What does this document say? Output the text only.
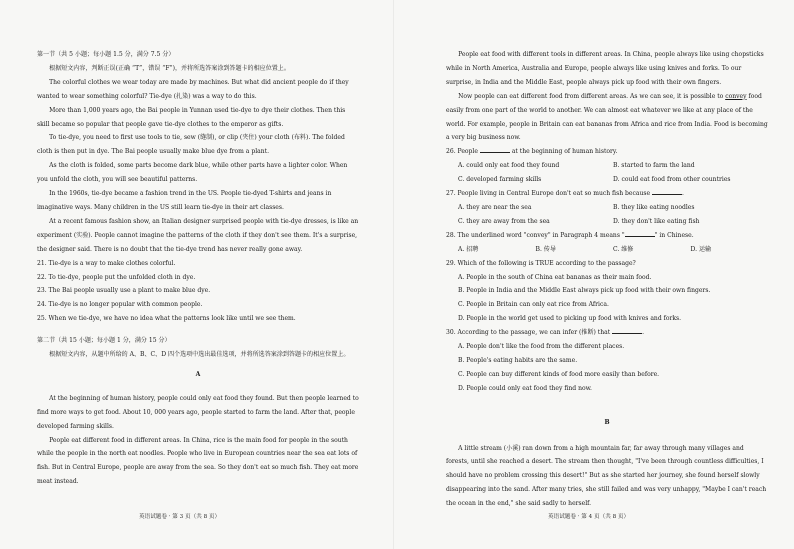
第一节（共 5 小题；每小题 1.5 分，满分 7.5 分）

根据短文内容，判断正误(正确 “T”，错误 “F”)，并将所选答案涂到答题卡的相应位置上。

The colorful clothes we wear today are made by machines. But what did ancient people do if they wanted to wear something colorful? Tie-dye (扎染) was a way to do this.

More than 1,000 years ago, the Bai people in Yunnan used tie-dye to dye their clothes. Then this skill became so popular that people gave tie-dye clothes to the emperor as gifts.

To tie-dye, you need to first use tools to tie, sew (缝制), or clip (夹住) your cloth (布料). The folded cloth is then put in dye. The Bai people usually make blue dye from a plant.

As the cloth is folded, some parts become dark blue, while other parts have a lighter color. When you unfold the cloth, you will see beautiful patterns.

In the 1960s, tie-dye became a fashion trend in the US. People tie-dyed T-shirts and jeans in imaginative ways. Many children in the US still learn tie-dye in their art classes.

At a recent famous fashion show, an Italian designer surprised people with tie-dye dresses, is like an experiment (实验). People cannot imagine the patterns of the cloth if they don't see them. It's a surprise, the designer said. There is no doubt that the tie-dye trend has never really gone away.

21. Tie-dye is a way to make clothes colorful.

22. To tie-dye, people put the unfolded cloth in dye.

23. The Bai people usually use a plant to make blue dye.

24. Tie-dye is no longer popular with common people.

25. When we tie-dye, we have no idea what the patterns look like until we see them.

第二节（共 15 小题；每小题 1 分，满分 15 分）

根据短文内容，从题中所给的 A、B、C、D 四个选项中选出最佳选项，并将所选答案涂到答题卡的相应位置上。

A

At the beginning of human history, people could only eat food they found. But then people learned to find more ways to get food. About 10, 000 years ago, people started to farm the land. After that, people developed farming skills.

People eat different food in different areas. In China, rice is the main food for people in the south while the people in the north eat noodles. People who live in European countries near the sea eat lots of fish. But in Central Europe, people are away from the sea. So they don't eat so much fish. They eat more meat instead.

People eat food with different tools in different areas. In China, people always like using chopsticks while in North America, Australia and Europe, people always like using knives and forks. To our surprise, in India and the Middle East, people always pick up food with their own fingers.

Now people can eat different food from different areas. As we can see, it is possible to convey food easily from one part of the world to another. We can almost eat whatever we like at any place of the world. For example, people in Britain can eat bananas from Africa and rice from India. Food is becoming a very big business now.

26. People	at the beginning of human history.

A. could only eat food they found	B. started to farm the land
C. developed farming skills	D. could eat food from other countries

27. People living in Central Europe don't eat so much fish because	.

A. they are near the sea	B. they like eating noodles
C. they are away from the sea	D. they don't like eating fish

28. The underlined word "convey" in Paragraph 4 means "	" in Chinese.

A. 招聘	B. 传导	C. 维修	D. 运输

29. Which of the following is TRUE according to the passage?

A. People in the south of China eat bananas as their main food.

B. People in India and the Middle East always pick up food with their own fingers.

C. People in Britain can only eat rice from Africa.

D. People in the world get used to picking up food with knives and forks.

30. According to the passage, we can infer (推断) that	.

A. People don't like the food from the different places.

B. People's eating habits are the same.

C. People can buy different kinds of food more easily than before.

D. People could only eat food they find now.

B

A little stream (小溪) ran down from a high mountain far, far away through many villages and forests, until she reached a desert. The stream then thought, "I've been through countless difficulties, I should have no problem crossing this desert!" But as she started her journey, she found herself slowly disappearing into the sand. After many tries, she still failed and was very unhappy, "Maybe I can't reach the ocean in the end," she said sadly to herself.

英语试题卷 · 第 3 页（共 8 页）	英语试题卷 · 第 4 页（共 8 页）
